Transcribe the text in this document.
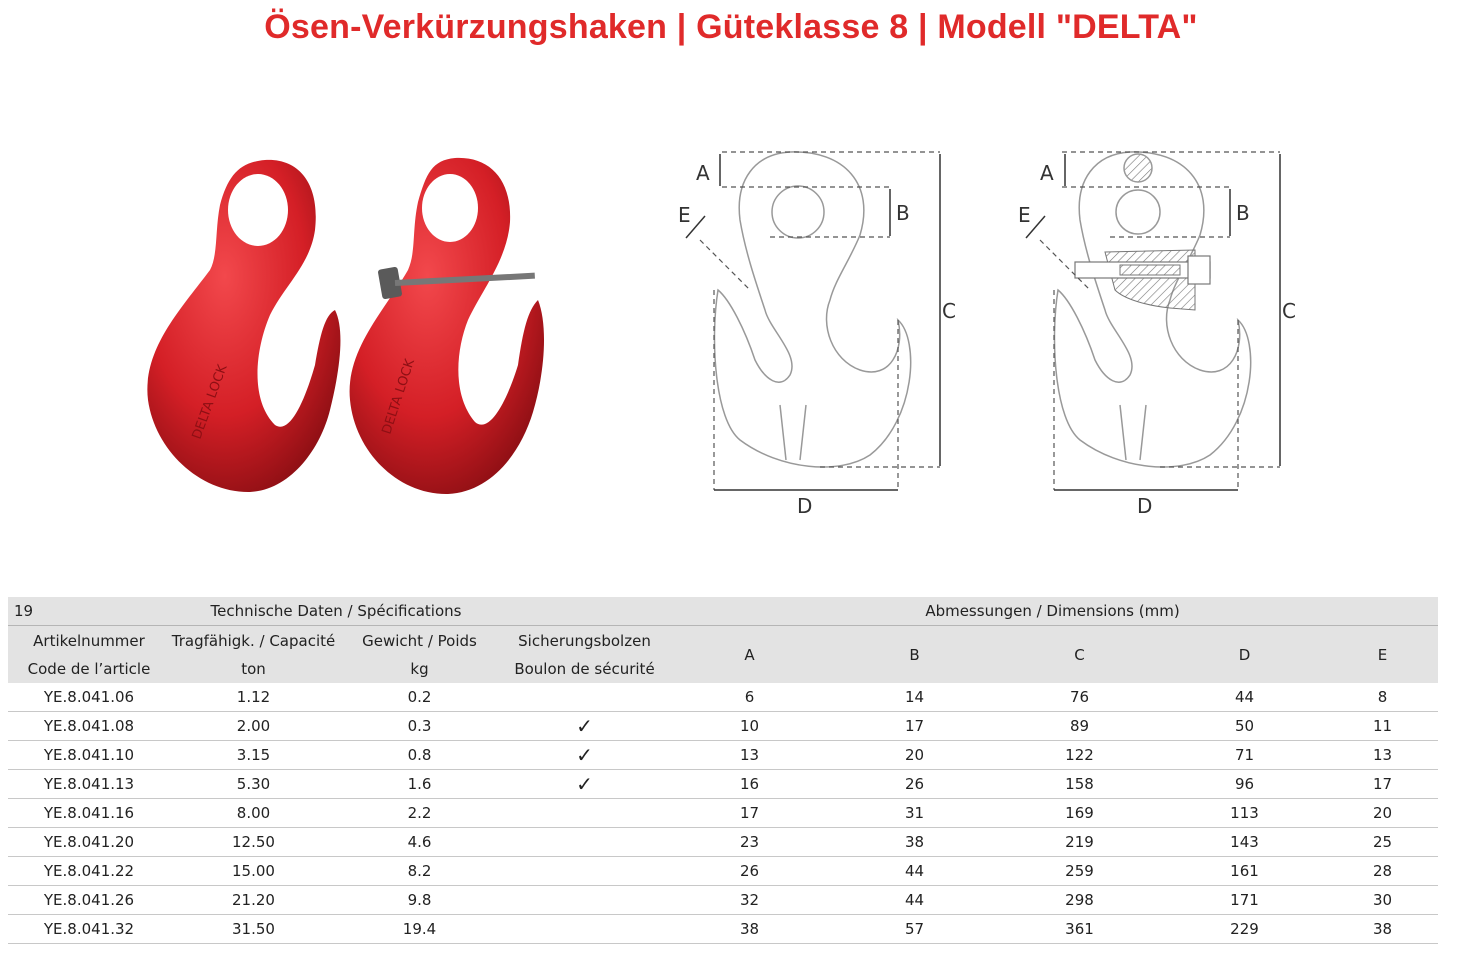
Ösen-Verkürzungshaken | Güteklasse 8 | Modell "DELTA"
DELTA LOCK	DELTA LOCK
A
B
C
D
E
A
B
C
D
E
19	Technische Daten / Spécifications			Abmessungen / Dimensions (mm)				
Artikelnummer	Tragfähigk. / Capacité	Gewicht / Poids	Sicherungsbolzen	A	B	C	D	E
Code de l’article	ton	kg	Boulon de sécurité					
YE.8.041.06	1.12	0.2		6	14	76	44	8
YE.8.041.08	2.00	0.3	✓	10	17	89	50	11
YE.8.041.10	3.15	0.8	✓	13	20	122	71	13
YE.8.041.13	5.30	1.6	✓	16	26	158	96	17
YE.8.041.16	8.00	2.2		17	31	169	113	20
YE.8.041.20	12.50	4.6		23	38	219	143	25
YE.8.041.22	15.00	8.2		26	44	259	161	28
YE.8.041.26	21.20	9.8		32	44	298	171	30
YE.8.041.32	31.50	19.4		38	57	361	229	38
